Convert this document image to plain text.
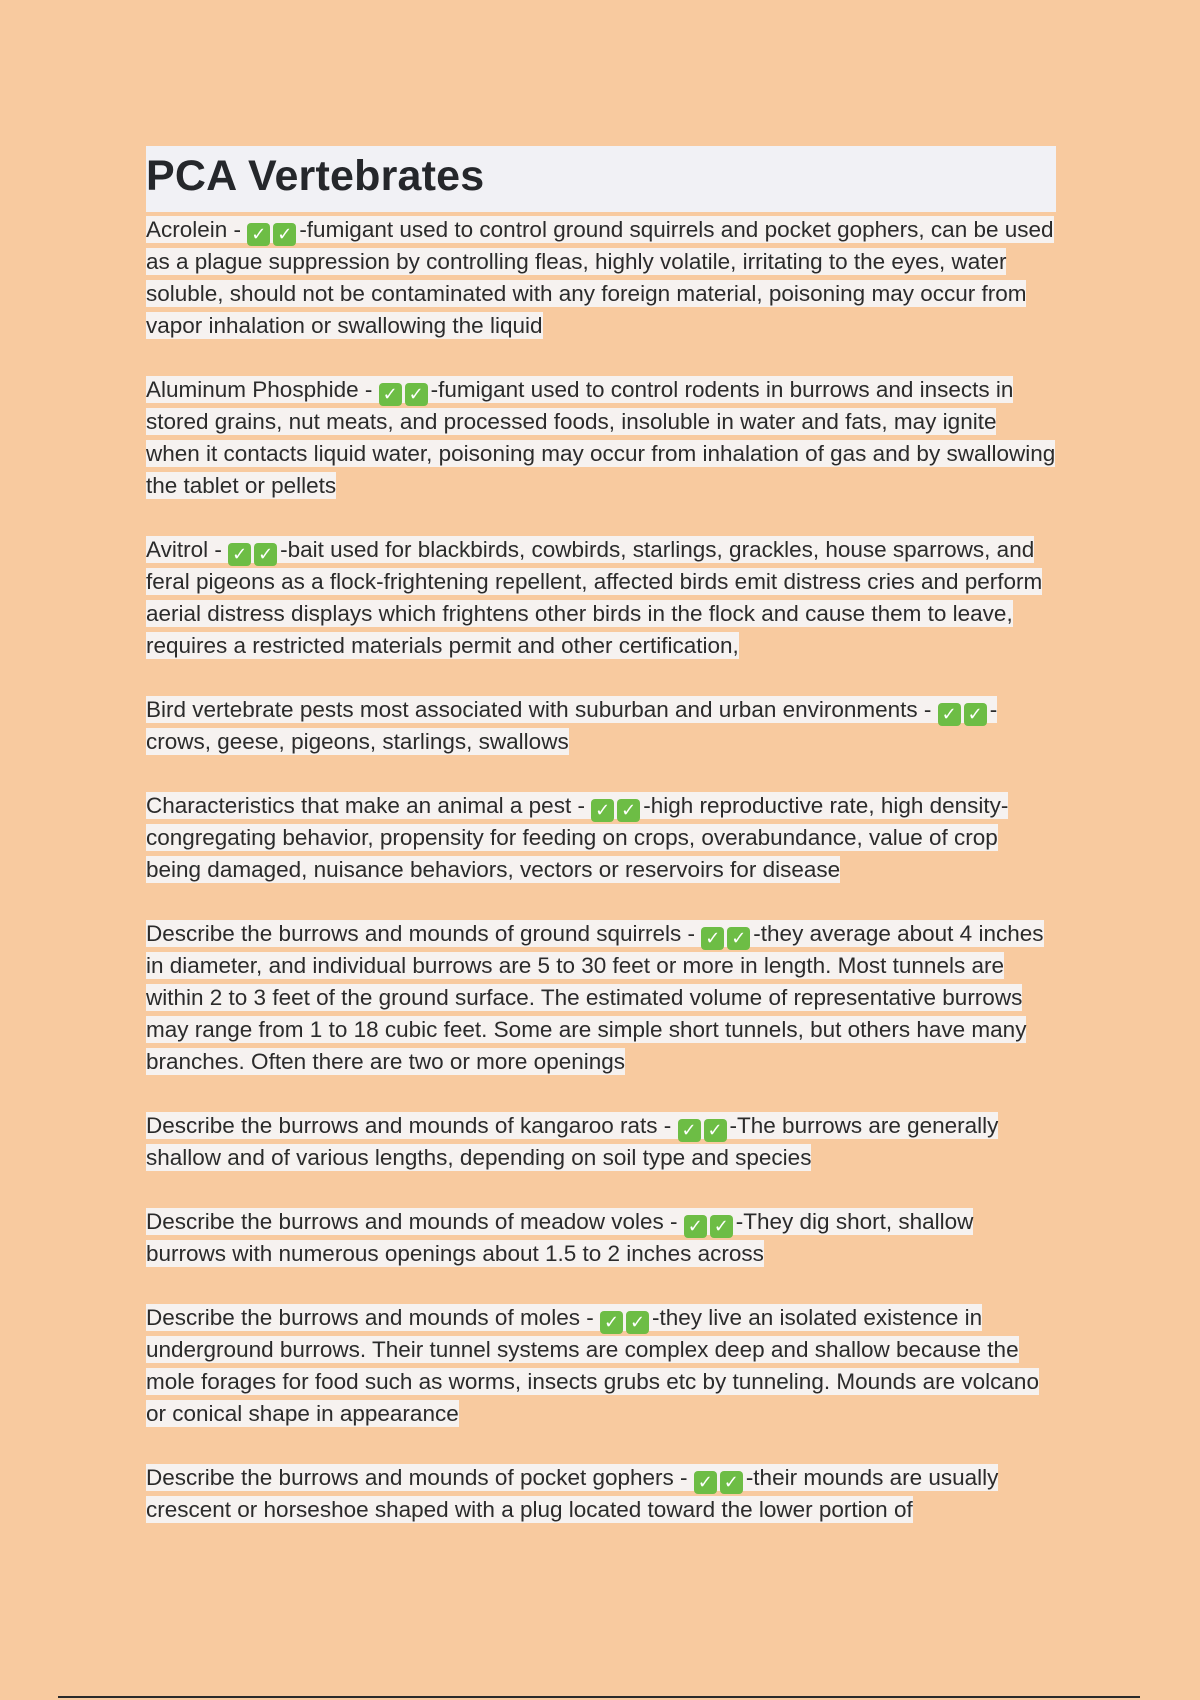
PCA Vertebrates

Acrolein - ✓ ✓ -fumigant used to control ground squirrels and pocket gophers, can be used as a plague suppression by controlling fleas, highly volatile, irritating to the eyes, water soluble, should not be contaminated with any foreign material, poisoning may occur from vapor inhalation or swallowing the liquid

Aluminum Phosphide - ✓ ✓ -fumigant used to control rodents in burrows and insects in stored grains, nut meats, and processed foods, insoluble in water and fats, may ignite when it contacts liquid water, poisoning may occur from inhalation of gas and by swallowing the tablet or pellets

Avitrol - ✓ ✓ -bait used for blackbirds, cowbirds, starlings, grackles, house sparrows, and feral pigeons as a flock-frightening repellent, affected birds emit distress cries and perform aerial distress displays which frightens other birds in the flock and cause them to leave, requires a restricted materials permit and other certification,

Bird vertebrate pests most associated with suburban and urban environments - ✓ ✓ -crows, geese, pigeons, starlings, swallows

Characteristics that make an animal a pest - ✓ ✓ -high reproductive rate, high density-congregating behavior, propensity for feeding on crops, overabundance, value of crop being damaged, nuisance behaviors, vectors or reservoirs for disease

Describe the burrows and mounds of ground squirrels - ✓ ✓ -they average about 4 inches in diameter, and individual burrows are 5 to 30 feet or more in length. Most tunnels are within 2 to 3 feet of the ground surface. The estimated volume of representative burrows may range from 1 to 18 cubic feet. Some are simple short tunnels, but others have many branches. Often there are two or more openings

Describe the burrows and mounds of kangaroo rats - ✓ ✓ -The burrows are generally shallow and of various lengths, depending on soil type and species

Describe the burrows and mounds of meadow voles - ✓ ✓ -They dig short, shallow burrows with numerous openings about 1.5 to 2 inches across

Describe the burrows and mounds of moles - ✓ ✓ -they live an isolated existence in underground burrows. Their tunnel systems are complex deep and shallow because the mole forages for food such as worms, insects grubs etc by tunneling. Mounds are volcano or conical shape in appearance

Describe the burrows and mounds of pocket gophers - ✓ ✓ -their mounds are usually crescent or horseshoe shaped with a plug located toward the lower portion of
